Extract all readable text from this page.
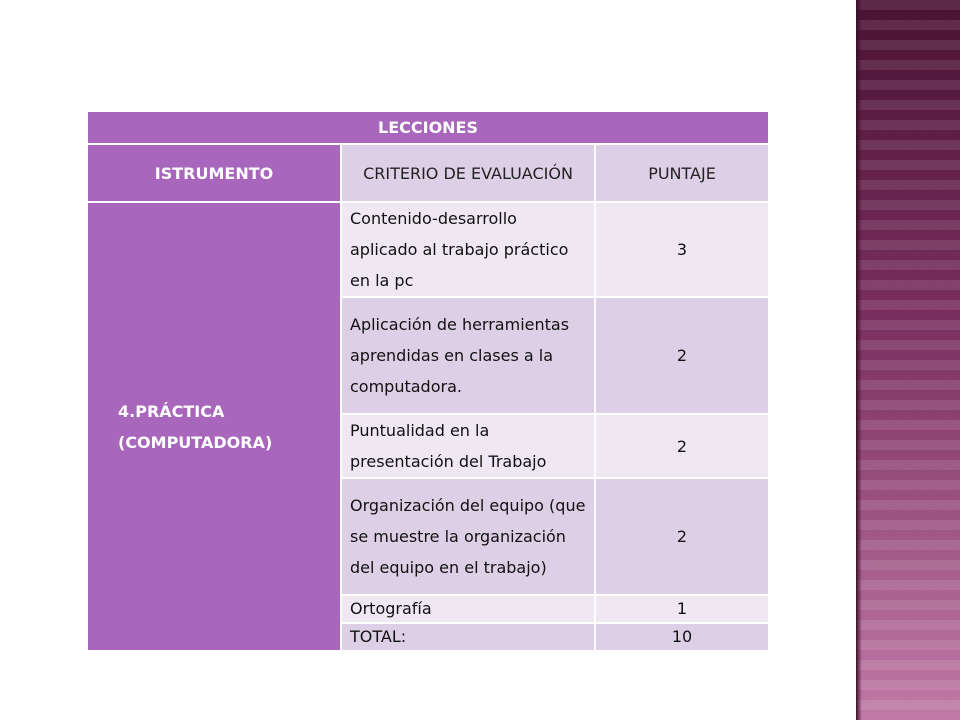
LECCIONES		
ISTRUMENTO	CRITERIO DE EVALUACIÓN	PUNTAJE
4.PRÁCTICA (COMPUTADORA)	Contenido-desarrollo aplicado al trabajo práctico en la pc	3
	Aplicación de herramientas aprendidas en clases a la computadora.	2
	Puntualidad en la presentación del Trabajo	2
	Organización del equipo (que se muestre la organización del equipo en el trabajo)	2
	Ortografía	1
	TOTAL:	10
